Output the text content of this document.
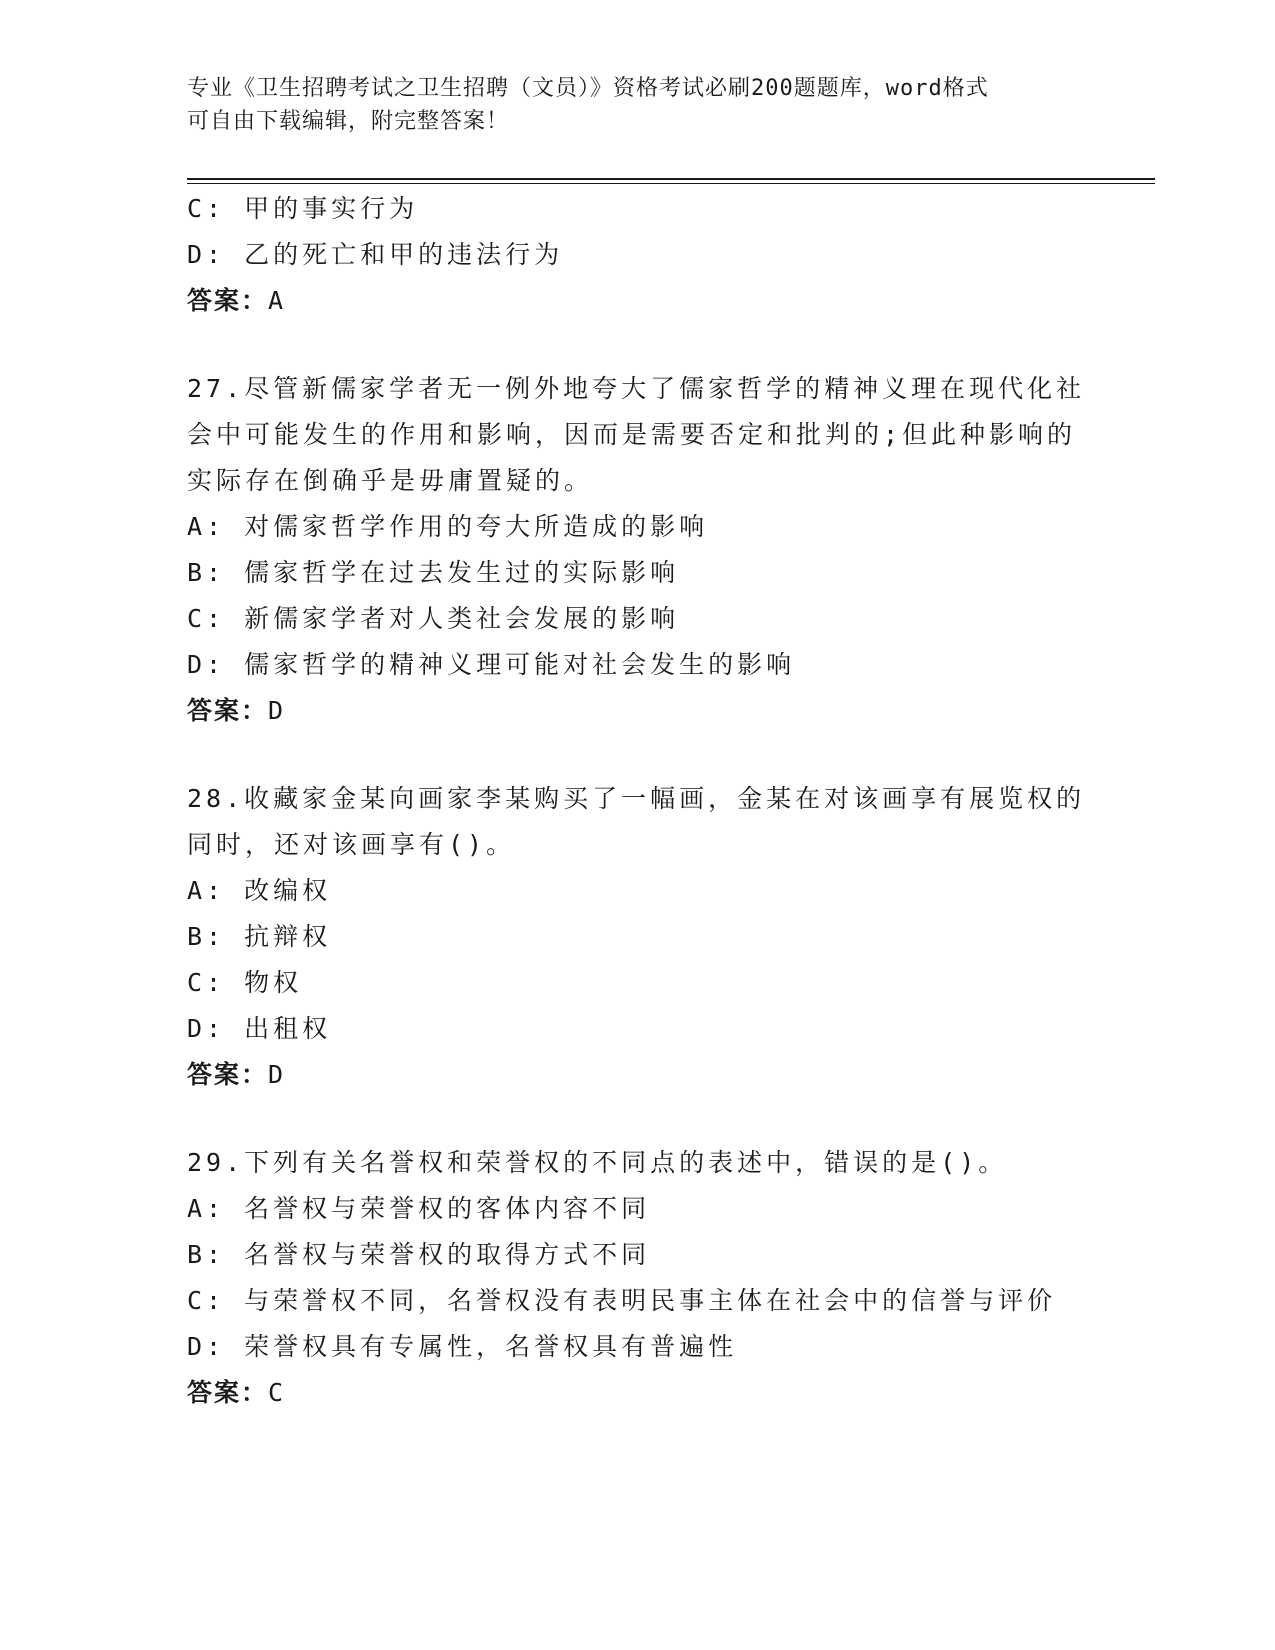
专业《卫生招聘考试之卫生招聘（文员）》资格考试必刷200题题库，word格式
可自由下载编辑，附完整答案！
C: 甲的事实行为
D: 乙的死亡和甲的违法行为
答案：A
27.尽管新儒家学者无一例外地夸大了儒家哲学的精神义理在现代化社
会中可能发生的作用和影响，因而是需要否定和批判的;但此种影响的
实际存在倒确乎是毋庸置疑的。
A: 对儒家哲学作用的夸大所造成的影响
B: 儒家哲学在过去发生过的实际影响
C: 新儒家学者对人类社会发展的影响
D: 儒家哲学的精神义理可能对社会发生的影响
答案：D
28.收藏家金某向画家李某购买了一幅画，金某在对该画享有展览权的
同时，还对该画享有()。
A: 改编权
B: 抗辩权
C: 物权
D: 出租权
答案：D
29.下列有关名誉权和荣誉权的不同点的表述中，错误的是()。
A: 名誉权与荣誉权的客体内容不同
B: 名誉权与荣誉权的取得方式不同
C: 与荣誉权不同，名誉权没有表明民事主体在社会中的信誉与评价
D: 荣誉权具有专属性，名誉权具有普遍性
答案：C
